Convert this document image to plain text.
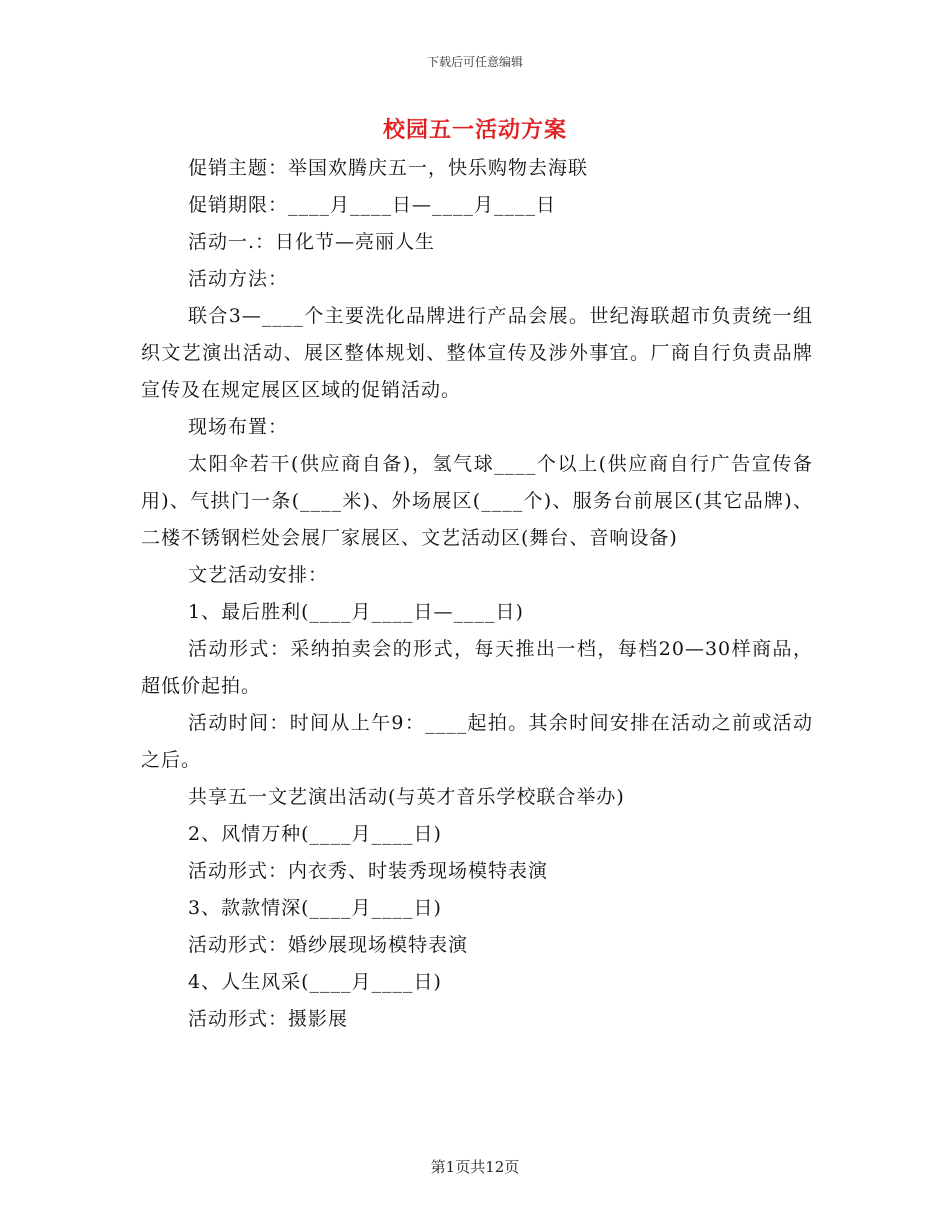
下载后可任意编辑
校园五一活动方案

促销主题：举国欢腾庆五一，快乐购物去海联

促销期限：____月____日—____月____日

活动一.：日化节—亮丽人生

活动方法：

联合3—____个主要洗化品牌进行产品会展。世纪海联超市负责统一组织文艺演出活动、展区整体规划、整体宣传及涉外事宜。厂商自行负责品牌宣传及在规定展区区域的促销活动。

现场布置：

太阳伞若干(供应商自备)，氢气球____个以上(供应商自行广告宣传备用)、气拱门一条(____米)、外场展区(____个)、服务台前展区(其它品牌)、二楼不锈钢栏处会展厂家展区、文艺活动区(舞台、音响设备)

文艺活动安排：

1、最后胜利(____月____日—____日)

活动形式：采纳拍卖会的形式，每天推出一档，每档20—30样商品，超低价起拍。

活动时间：时间从上午9：____起拍。其余时间安排在活动之前或活动之后。

共享五一文艺演出活动(与英才音乐学校联合举办)

2、风情万种(____月____日)

活动形式：内衣秀、时装秀现场模特表演

3、款款情深(____月____日)

活动形式：婚纱展现场模特表演

4、人生风采(____月____日)

活动形式：摄影展

第1页共12页
